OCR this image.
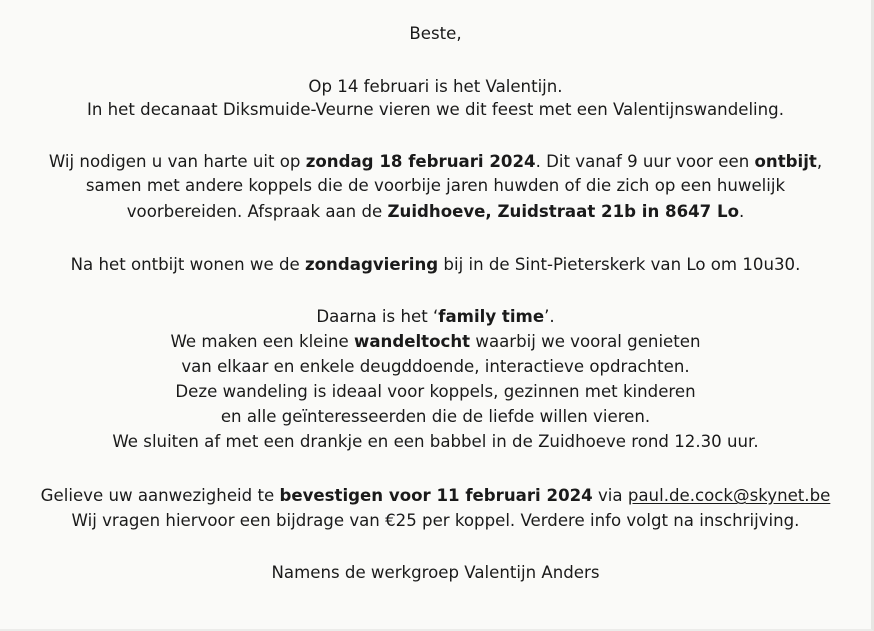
Beste,
Op 14 februari is het Valentijn.
In het decanaat Diksmuide-Veurne vieren we dit feest met een Valentijnswandeling.
Wij nodigen u van harte uit op zondag 18 februari 2024. Dit vanaf 9 uur voor een ontbijt,
samen met andere koppels die de voorbije jaren huwden of die zich op een huwelijk
voorbereiden. Afspraak aan de Zuidhoeve, Zuidstraat 21b in 8647 Lo.
Na het ontbijt wonen we de zondagviering bij in de Sint-Pieterskerk van Lo om 10u30.
Daarna is het ‘family time’.
We maken een kleine wandeltocht waarbij we vooral genieten
van elkaar en enkele deugddoende, interactieve opdrachten.
Deze wandeling is ideaal voor koppels, gezinnen met kinderen
en alle geïnteresseerden die de liefde willen vieren.
We sluiten af met een drankje en een babbel in de Zuidhoeve rond 12.30 uur.
Gelieve uw aanwezigheid te bevestigen voor 11 februari 2024 via paul.de.cock@skynet.be
Wij vragen hiervoor een bijdrage van €25 per koppel. Verdere info volgt na inschrijving.
Namens de werkgroep Valentijn Anders
